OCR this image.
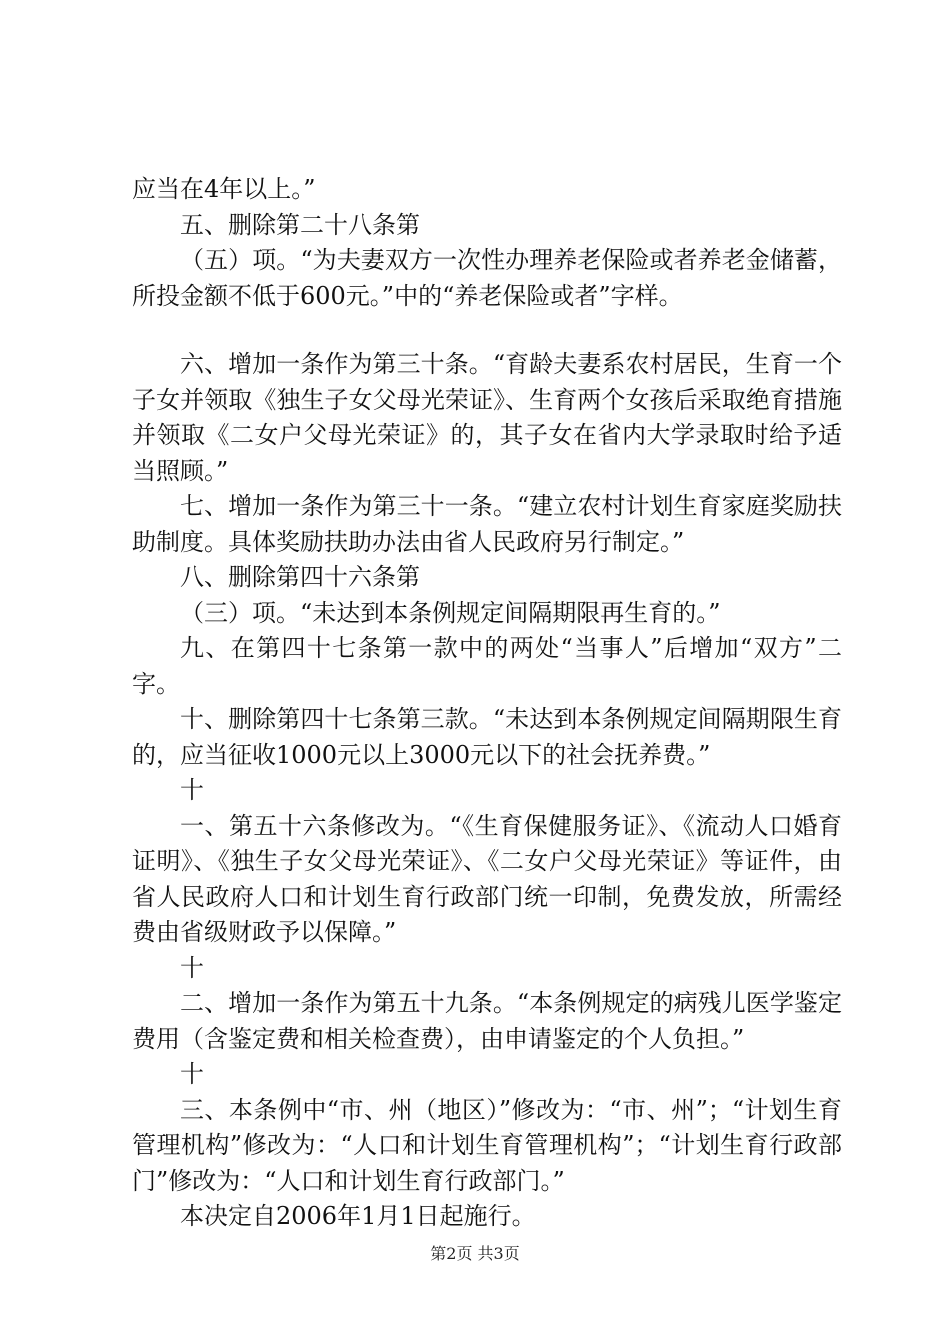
应当在4年以上。”

五、删除第二十八条第

（五）项。“为夫妻双方一次性办理养老保险或者养老金储蓄，所投金额不低于600元。”中的“养老保险或者”字样。

六、增加一条作为第三十条。“育龄夫妻系农村居民，生育一个子女并领取《独生子女父母光荣证》、生育两个女孩后采取绝育措施并领取《二女户父母光荣证》的，其子女在省内大学录取时给予适当照顾。”

七、增加一条作为第三十一条。“建立农村计划生育家庭奖励扶助制度。具体奖励扶助办法由省人民政府另行制定。”

八、删除第四十六条第

（三）项。“未达到本条例规定间隔期限再生育的。”

九、在第四十七条第一款中的两处“当事人”后增加“双方”二字。

十、删除第四十七条第三款。“未达到本条例规定间隔期限生育的，应当征收1000元以上3000元以下的社会抚养费。”

十

一、第五十六条修改为。“《生育保健服务证》、《流动人口婚育证明》、《独生子女父母光荣证》、《二女户父母光荣证》等证件，由省人民政府人口和计划生育行政部门统一印制，免费发放，所需经费由省级财政予以保障。”

十

二、增加一条作为第五十九条。“本条例规定的病残儿医学鉴定费用（含鉴定费和相关检查费），由申请鉴定的个人负担。”

十

三、本条例中“市、州（地区）”修改为：“市、州”；“计划生育管理机构”修改为：“人口和计划生育管理机构”；“计划生育行政部门”修改为：“人口和计划生育行政部门。”

本决定自2006年1月1日起施行。

第2页 共3页
